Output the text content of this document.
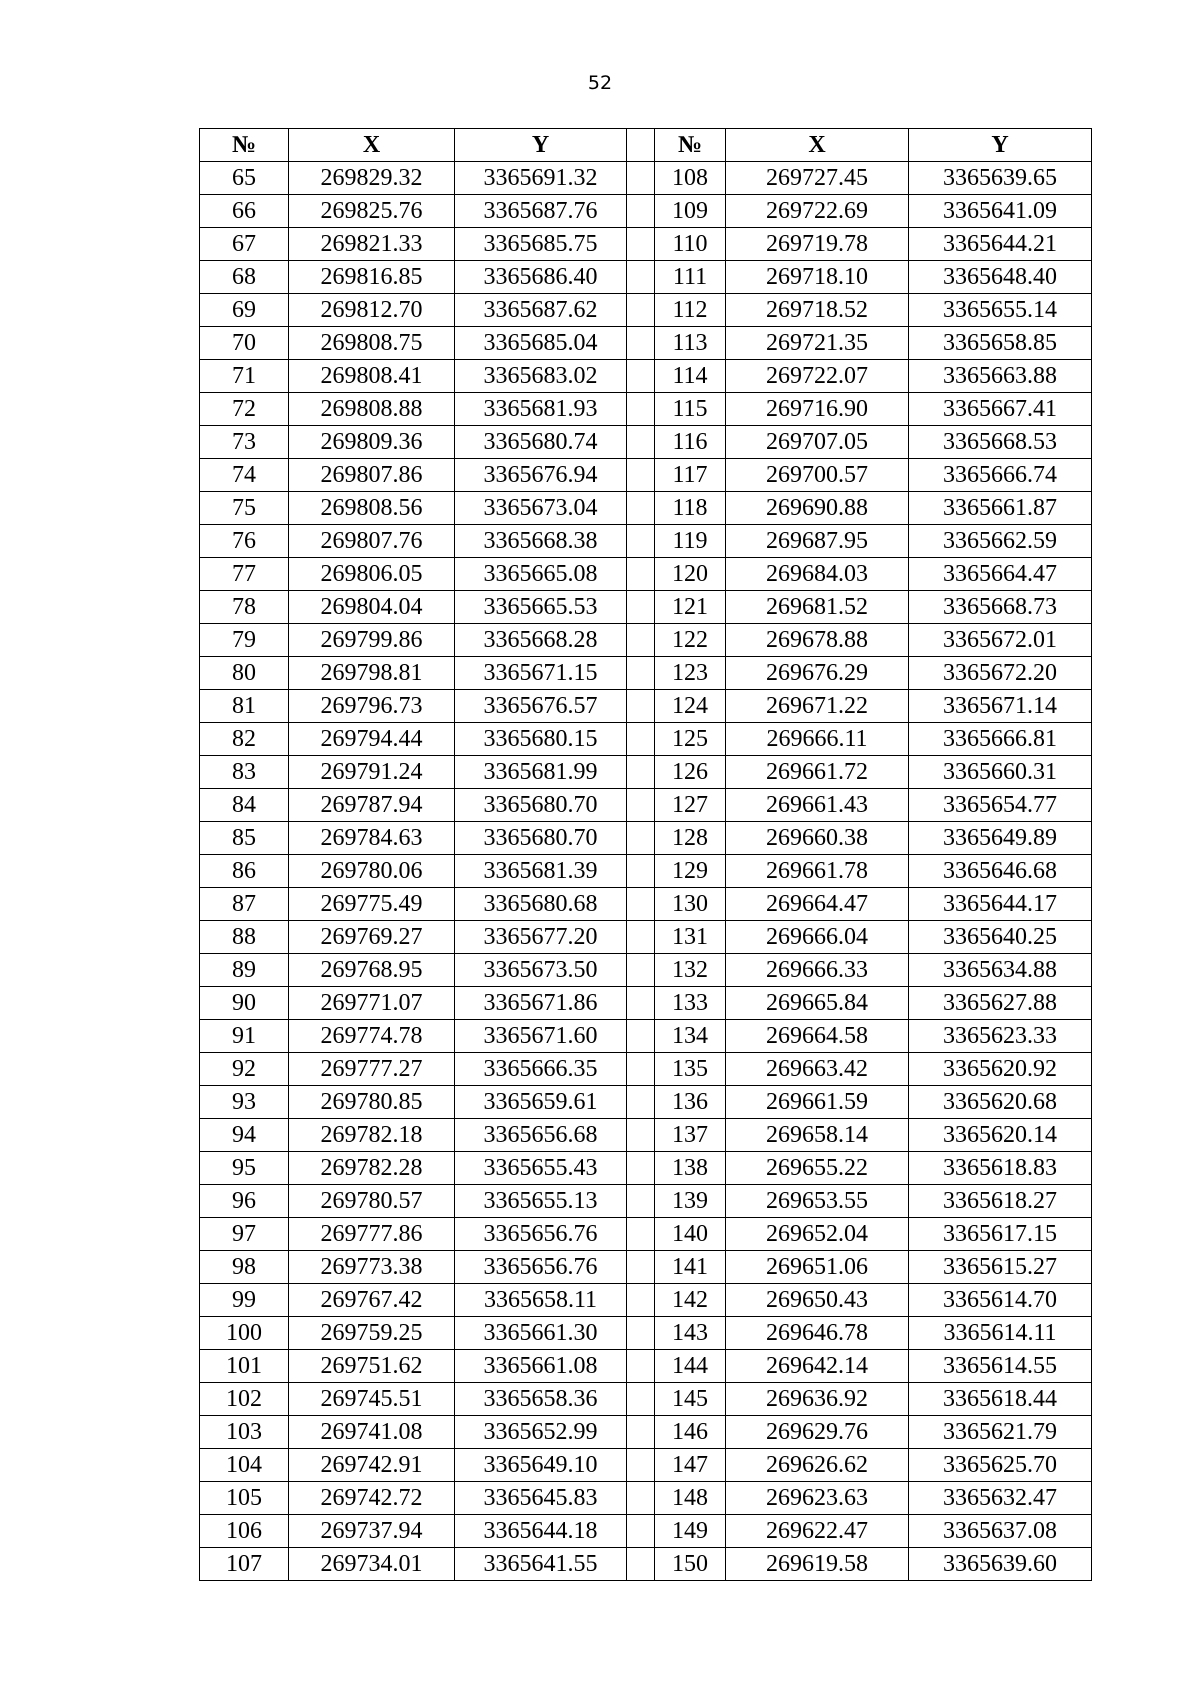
52
№	X	Y		№	X	Y
65	269829.32	3365691.32		108	269727.45	3365639.65
66	269825.76	3365687.76		109	269722.69	3365641.09
67	269821.33	3365685.75		110	269719.78	3365644.21
68	269816.85	3365686.40		111	269718.10	3365648.40
69	269812.70	3365687.62		112	269718.52	3365655.14
70	269808.75	3365685.04		113	269721.35	3365658.85
71	269808.41	3365683.02		114	269722.07	3365663.88
72	269808.88	3365681.93		115	269716.90	3365667.41
73	269809.36	3365680.74		116	269707.05	3365668.53
74	269807.86	3365676.94		117	269700.57	3365666.74
75	269808.56	3365673.04		118	269690.88	3365661.87
76	269807.76	3365668.38		119	269687.95	3365662.59
77	269806.05	3365665.08		120	269684.03	3365664.47
78	269804.04	3365665.53		121	269681.52	3365668.73
79	269799.86	3365668.28		122	269678.88	3365672.01
80	269798.81	3365671.15		123	269676.29	3365672.20
81	269796.73	3365676.57		124	269671.22	3365671.14
82	269794.44	3365680.15		125	269666.11	3365666.81
83	269791.24	3365681.99		126	269661.72	3365660.31
84	269787.94	3365680.70		127	269661.43	3365654.77
85	269784.63	3365680.70		128	269660.38	3365649.89
86	269780.06	3365681.39		129	269661.78	3365646.68
87	269775.49	3365680.68		130	269664.47	3365644.17
88	269769.27	3365677.20		131	269666.04	3365640.25
89	269768.95	3365673.50		132	269666.33	3365634.88
90	269771.07	3365671.86		133	269665.84	3365627.88
91	269774.78	3365671.60		134	269664.58	3365623.33
92	269777.27	3365666.35		135	269663.42	3365620.92
93	269780.85	3365659.61		136	269661.59	3365620.68
94	269782.18	3365656.68		137	269658.14	3365620.14
95	269782.28	3365655.43		138	269655.22	3365618.83
96	269780.57	3365655.13		139	269653.55	3365618.27
97	269777.86	3365656.76		140	269652.04	3365617.15
98	269773.38	3365656.76		141	269651.06	3365615.27
99	269767.42	3365658.11		142	269650.43	3365614.70
100	269759.25	3365661.30		143	269646.78	3365614.11
101	269751.62	3365661.08		144	269642.14	3365614.55
102	269745.51	3365658.36		145	269636.92	3365618.44
103	269741.08	3365652.99		146	269629.76	3365621.79
104	269742.91	3365649.10		147	269626.62	3365625.70
105	269742.72	3365645.83		148	269623.63	3365632.47
106	269737.94	3365644.18		149	269622.47	3365637.08
107	269734.01	3365641.55		150	269619.58	3365639.60
